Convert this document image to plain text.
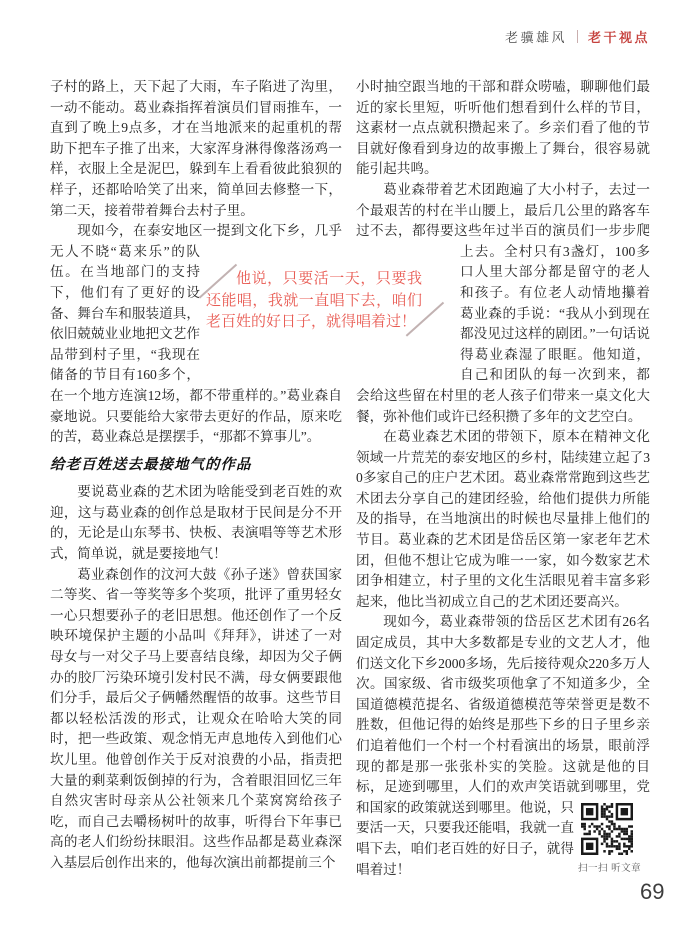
老骥雄风 老干视点

子村的路上，天下起了大雨，车子陷进了沟里，一动不能动。葛业森指挥着演员们冒雨推车，一直到了晚上9点多，才在当地派来的起重机的帮助下把车子推了出来，大家浑身淋得像落汤鸡一样，衣服上全是泥巴，躲到车上看看彼此狼狈的样子，还都哈哈笑了出来，简单回去修整一下，第二天，接着带着舞台去村子里。

现如今，在泰安地区一提到文化下乡，几乎
无人不晓“葛来乐”的队伍。在当地部门的支持下，他们有了更好的设备、舞台车和服装道具，依旧兢兢业业地把文艺作品带到村子里，“我现在储备的节目有160多个，在一个地方连演12场，都不带重样的。”葛业森自豪地说。只要能给大家带去更好的作品，原来吃的苦，葛业森总是摆摆手，“那都不算事儿”。

给老百姓送去最接地气的作品

要说葛业森的艺术团为啥能受到老百姓的欢迎，这与葛业森的创作总是取材于民间是分不开的，无论是山东琴书、快板、表演唱等等艺术形式，简单说，就是要接地气！

葛业森创作的汶河大鼓《孙子迷》曾获国家二等奖、省一等奖等多个奖项，批评了重男轻女一心只想要孙子的老旧思想。他还创作了一个反映环境保护主题的小品叫《拜拜》，讲述了一对母女与一对父子马上要喜结良缘，却因为父子俩办的胶厂污染环境引发村民不满，母女俩要跟他们分手，最后父子俩幡然醒悟的故事。这些节目都以轻松活泼的形式，让观众在哈哈大笑的同时，把一些政策、观念悄无声息地传入到他们心坎儿里。他曾创作关于反对浪费的小品，指责把大量的剩菜剩饭倒掉的行为，含着眼泪回忆三年自然灾害时母亲从公社领来几个菜窝窝给孩子吃，而自己去嚼杨树叶的故事，听得台下年事已高的老人们纷纷抹眼泪。这些作品都是葛业森深入基层后创作出来的，他每次演出前都提前三个

小时抽空跟当地的干部和群众唠嗑，聊聊他们最近的家长里短，听听他们想看到什么样的节目，这素材一点点就积攒起来了。乡亲们看了他的节目就好像看到身边的故事搬上了舞台，很容易就能引起共鸣。

葛业森带着艺术团跑遍了大小村子，去过一个最艰苦的村在半山腰上，最后几公里的路客车过不去，都得要这些年过半百的演员们一步步爬
上去。全村只有3盏灯，100多口人里大部分都是留守的老人和孩子。有位老人动情地攥着葛业森的手说：“我从小到现在都没见过这样的剧团。”一句话说得葛业森湿了眼眶。他知道，自己和团队的每一次到来，都会给这些留在村里的老人孩子们带来一桌文化大餐，弥补他们或许已经积攒了多年的文艺空白。

在葛业森艺术团的带领下，原本在精神文化领域一片荒芜的泰安地区的乡村，陆续建立起了30多家自己的庄户艺术团。葛业森常常跑到这些艺术团去分享自己的建团经验，给他们提供力所能及的指导，在当地演出的时候也尽量排上他们的节目。葛业森的艺术团是岱岳区第一家老年艺术团，但他不想让它成为唯一一家，如今数家艺术团争相建立，村子里的文化生活眼见着丰富多彩起来，他比当初成立自己的艺术团还要高兴。

现如今，葛业森带领的岱岳区艺术团有26名固定成员，其中大多数都是专业的文艺人才，他们送文化下乡2000多场，先后接待观众220多万人次。国家级、省市级奖项他拿了不知道多少，全国道德模范提名、省级道德模范等荣誉更是数不胜数，但他记得的始终是那些下乡的日子里乡亲们追着他们一个村一个村看演出的场景，眼前浮现的都是那一张张朴实的笑脸。这就是他的目标，足迹到哪里，人们的欢声笑语就到哪里，党
和国家的政策就送到哪里。他说，只要活一天，只要我还能唱，我就一直唱下去，咱们老百姓的好日子，就得唱着过！

他说，只要活一天，只要我还能唱，我就一直唱下去，咱们老百姓的好日子，就得唱着过！
扫一扫 听文章
69
